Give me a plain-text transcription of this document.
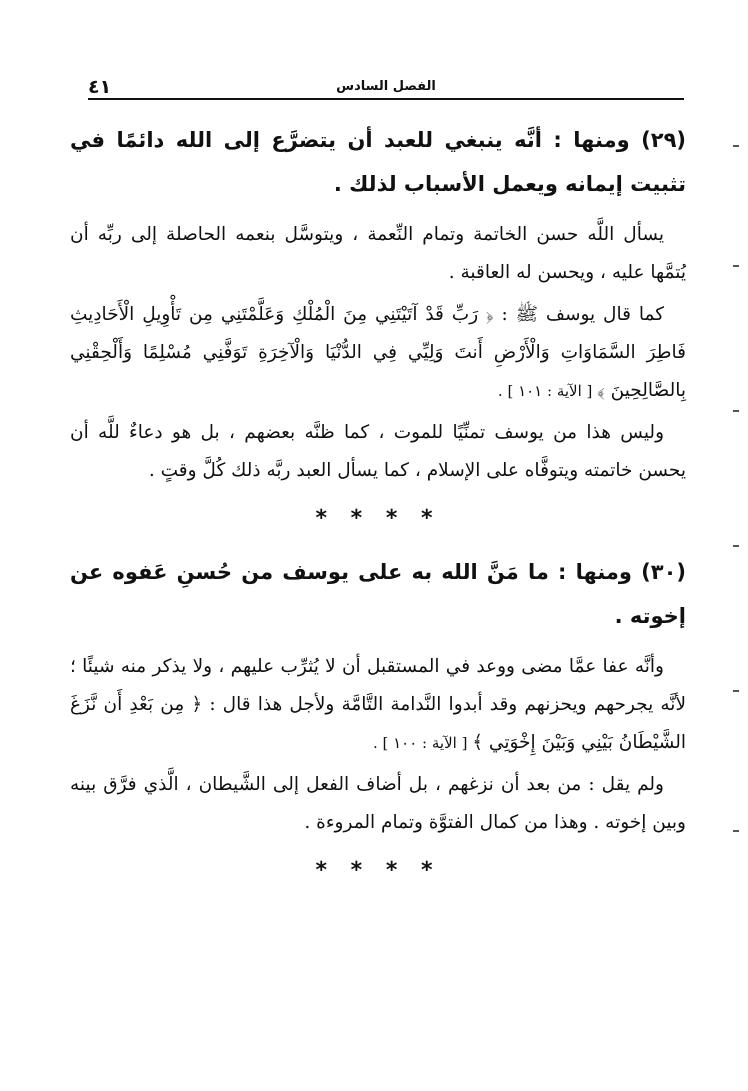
٤١	الفصل السادس

(٢٩) ومنها : أنَّه ينبغي للعبد أن يتضرَّع إلى الله دائمًا في تثبيت إيمانه ويعمل الأسباب لذلك .

يسأل اللَّه حسن الخاتمة وتمام النِّعمة ، ويتوسَّل بنعمه الحاصلة إلى ربِّه أن يُتمَّها عليه ، ويحسن له العاقبة .

كما قال يوسف ﷺ : ﴿ رَبِّ قَدْ آتَيْتَنِي مِنَ الْمُلْكِ وَعَلَّمْتَنِي مِن تَأْوِيلِ الْأَحَادِيثِ فَاطِرَ السَّمَاوَاتِ وَالْأَرْضِ أَنتَ وَلِيِّي فِي الدُّنْيَا وَالْآخِرَةِ تَوَفَّنِي مُسْلِمًا وَأَلْحِقْنِي بِالصَّالِحِينَ ﴾ [ الآية : ١٠١ ] .

وليس هذا من يوسف تمنِّيًا للموت ، كما ظنَّه بعضهم ، بل هو دعاءٌ للَّه أن يحسن خاتمته ويتوفَّاه على الإسلام ، كما يسأل العبد ربَّه ذلك كُلَّ وقتٍ .

* * * *

(٣٠) ومنها : ما مَنَّ الله به على يوسف من حُسنِ عَفوه عن إخوته .

وأنَّه عفا عمَّا مضى ووعد في المستقبل أن لا يُثرِّب عليهم ، ولا يذكر منه شيئًا ؛ لأنَّه يجرحهم ويحزنهم وقد أبدوا النَّدامة التَّامَّة ولأجل هذا قال : ﴿ مِن بَعْدِ أَن نَّزَغَ الشَّيْطَانُ بَيْنِي وَبَيْنَ إِخْوَتِي ﴾ [ الآية : ١٠٠ ] .

ولم يقل : من بعد أن نزغهم ، بل أضاف الفعل إلى الشَّيطان ، الَّذي فرَّق بينه وبين إخوته . وهذا من كمال الفتوَّة وتمام المروءة .

* * * *
